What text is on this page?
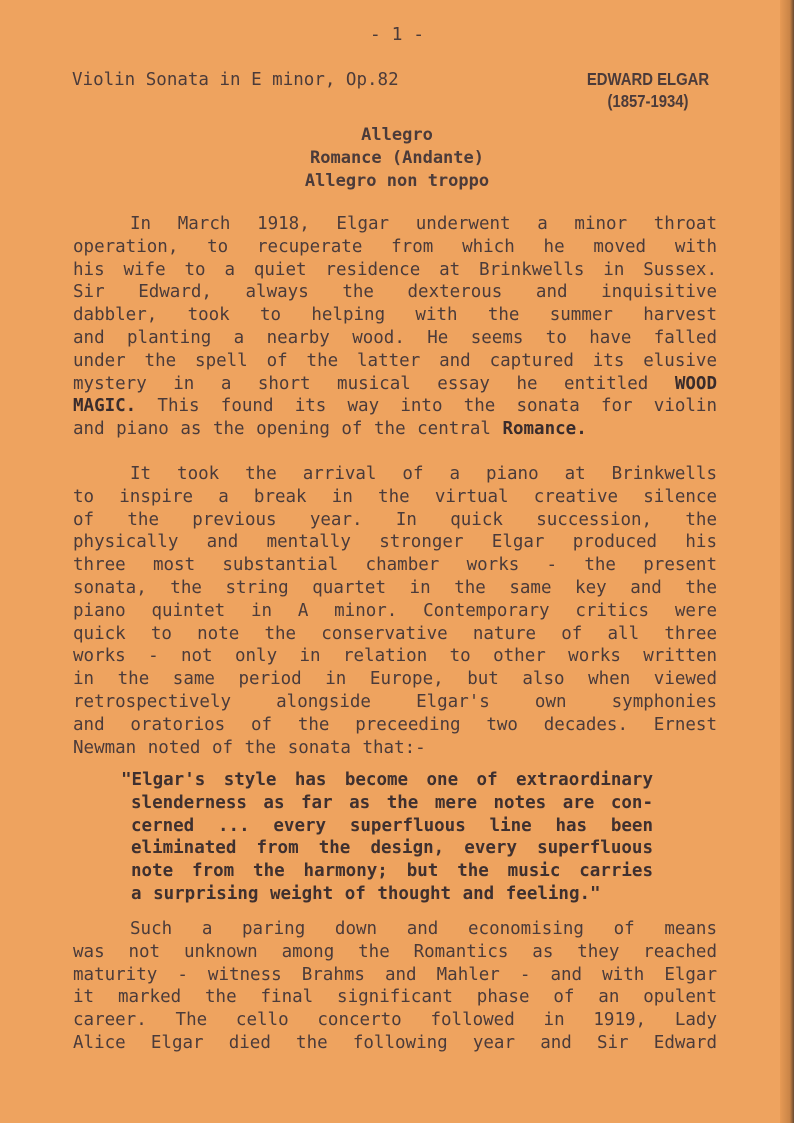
- 1 -
Violin Sonata in E minor, Op.82	EDWARD ELGAR
(1857-1934)
Allegro
Romance (Andante)
Allegro non troppo
In March 1918, Elgar underwent a minor throat
operation, to recuperate from which he moved with
his wife to a quiet residence at Brinkwells in Sussex.
Sir Edward, always the dexterous and inquisitive
dabbler, took to helping with the summer harvest
and planting a nearby wood. He seems to have falled
under the spell of the latter and captured its elusive
mystery in a short musical essay he entitled WOOD
MAGIC. This found its way into the sonata for violin
and piano as the opening of the central Romance.
It took the arrival of a piano at Brinkwells
to inspire a break in the virtual creative silence
of the previous year. In quick succession, the
physically and mentally stronger Elgar produced his
three most substantial chamber works - the present
sonata, the string quartet in the same key and the
piano quintet in A minor. Contemporary critics were
quick to note the conservative nature of all three
works - not only in relation to other works written
in the same period in Europe, but also when viewed
retrospectively alongside Elgar's own symphonies
and oratorios of the preceeding two decades. Ernest
Newman noted of the sonata that:-
"Elgar's style has become one of extraordinary
slenderness as far as the mere notes are con-
cerned ... every superfluous line has been
eliminated from the design, every superfluous
note from the harmony; but the music carries
a surprising weight of thought and feeling."
Such a paring down and economising of means
was not unknown among the Romantics as they reached
maturity - witness Brahms and Mahler - and with Elgar
it marked the final significant phase of an opulent
career. The cello concerto followed in 1919, Lady
Alice Elgar died the following year and Sir Edward
